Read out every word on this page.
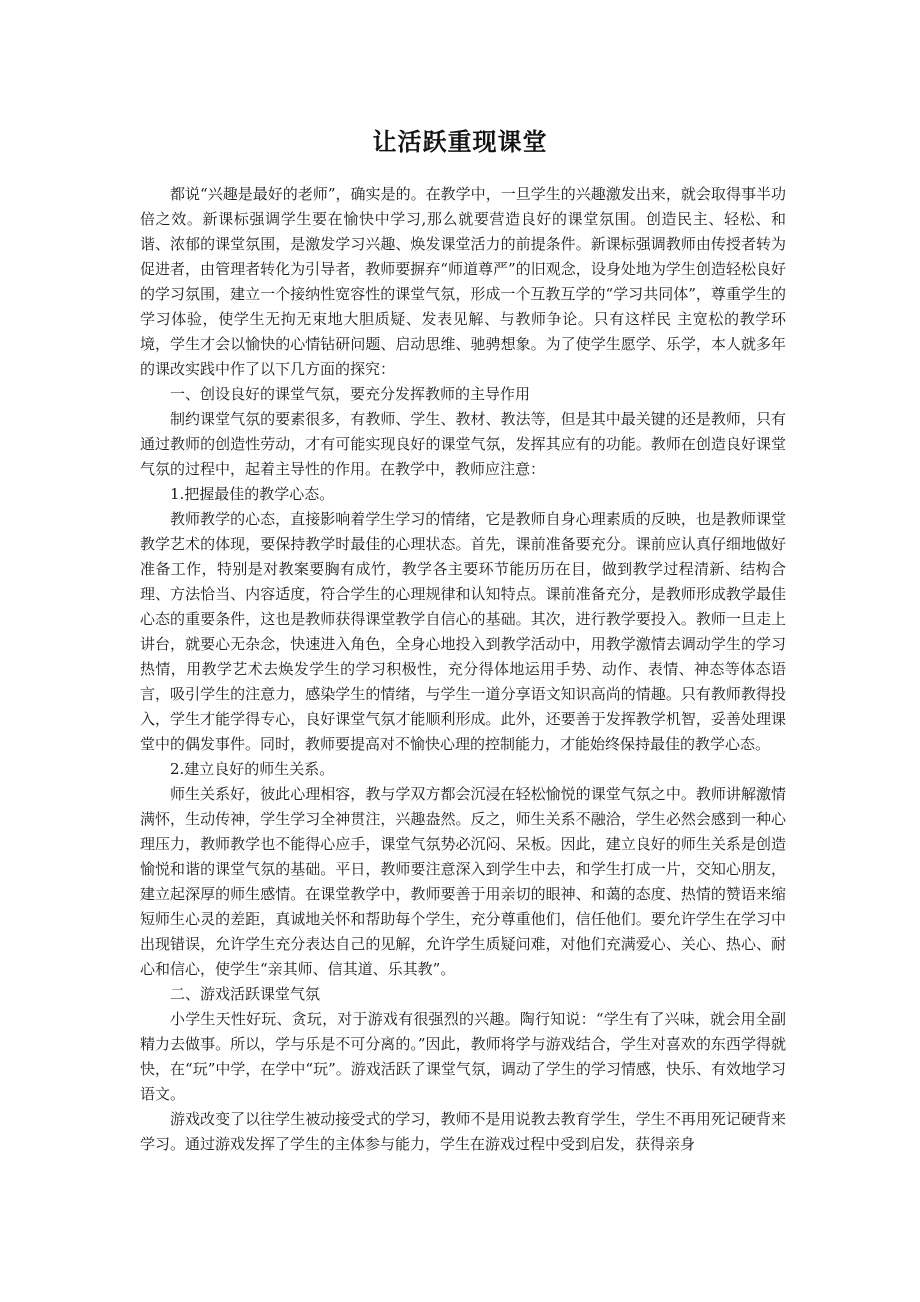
让活跃重现课堂

都说“兴趣是最好的老师”，确实是的。在教学中，一旦学生的兴趣激发出来，就会取得事半功倍之效。新课标强调学生要在愉快中学习,那么就要营造良好的课堂氛围。创造民主、轻松、和谐、浓郁的课堂氛围，是激发学习兴趣、焕发课堂活力的前提条件。新课标强调教师由传授者转为促进者，由管理者转化为引导者，教师要摒弃“师道尊严”的旧观念，设身处地为学生创造轻松良好的学习氛围，建立一个接纳性宽容性的课堂气氛，形成一个互教互学的“学习共同体”，尊重学生的学习体验，使学生无拘无束地大胆质疑、发表见解、与教师争论。只有这样民 主宽松的教学环境，学生才会以愉快的心情钻研问题、启动思维、驰骋想象。为了使学生愿学、乐学，本人就多年的课改实践中作了以下几方面的探究：

一、创设良好的课堂气氛，要充分发挥教师的主导作用

制约课堂气氛的要素很多，有教师、学生、教材、教法等，但是其中最关键的还是教师，只有通过教师的创造性劳动，才有可能实现良好的课堂气氛，发挥其应有的功能。教师在创造良好课堂气氛的过程中，起着主导性的作用。在教学中，教师应注意：

1.把握最佳的教学心态。

教师教学的心态，直接影响着学生学习的情绪，它是教师自身心理素质的反映，也是教师课堂教学艺术的体现，要保持教学时最佳的心理状态。首先，课前准备要充分。课前应认真仔细地做好准备工作，特别是对教案要胸有成竹，教学各主要环节能历历在目，做到教学过程清新、结构合理、方法恰当、内容适度，符合学生的心理规律和认知特点。课前准备充分，是教师形成教学最佳心态的重要条件，这也是教师获得课堂教学自信心的基础。其次，进行教学要投入。教师一旦走上讲台，就要心无杂念，快速进入角色，全身心地投入到教学活动中，用教学激情去调动学生的学习热情，用教学艺术去焕发学生的学习积极性，充分得体地运用手势、动作、表情、神态等体态语言，吸引学生的注意力，感染学生的情绪，与学生一道分享语文知识高尚的情趣。只有教师教得投入，学生才能学得专心，良好课堂气氛才能顺利形成。此外，还要善于发挥教学机智，妥善处理课堂中的偶发事件。同时，教师要提高对不愉快心理的控制能力，才能始终保持最佳的教学心态。

2.建立良好的师生关系。

师生关系好，彼此心理相容，教与学双方都会沉浸在轻松愉悦的课堂气氛之中。教师讲解激情满怀，生动传神，学生学习全神贯注，兴趣盎然。反之，师生关系不融洽，学生必然会感到一种心理压力，教师教学也不能得心应手，课堂气氛势必沉闷、呆板。因此，建立良好的师生关系是创造愉悦和谐的课堂气氛的基础。平日，教师要注意深入到学生中去，和学生打成一片，交知心朋友，建立起深厚的师生感情。在课堂教学中，教师要善于用亲切的眼神、和蔼的态度、热情的赞语来缩短师生心灵的差距，真诚地关怀和帮助每个学生，充分尊重他们，信任他们。要允许学生在学习中出现错误，允许学生充分表达自己的见解，允许学生质疑问难，对他们充满爱心、关心、热心、耐心和信心，使学生“亲其师、信其道、乐其教”。

二、游戏活跃课堂气氛

小学生天性好玩、贪玩，对于游戏有很强烈的兴趣。陶行知说：“学生有了兴味，就会用全副精力去做事。所以，学与乐是不可分离的。”因此，教师将学与游戏结合，学生对喜欢的东西学得就快，在“玩”中学，在学中“玩”。游戏活跃了课堂气氛，调动了学生的学习情感，快乐、有效地学习语文。

游戏改变了以往学生被动接受式的学习，教师不是用说教去教育学生，学生不再用死记硬背来学习。通过游戏发挥了学生的主体参与能力，学生在游戏过程中受到启发，获得亲身
